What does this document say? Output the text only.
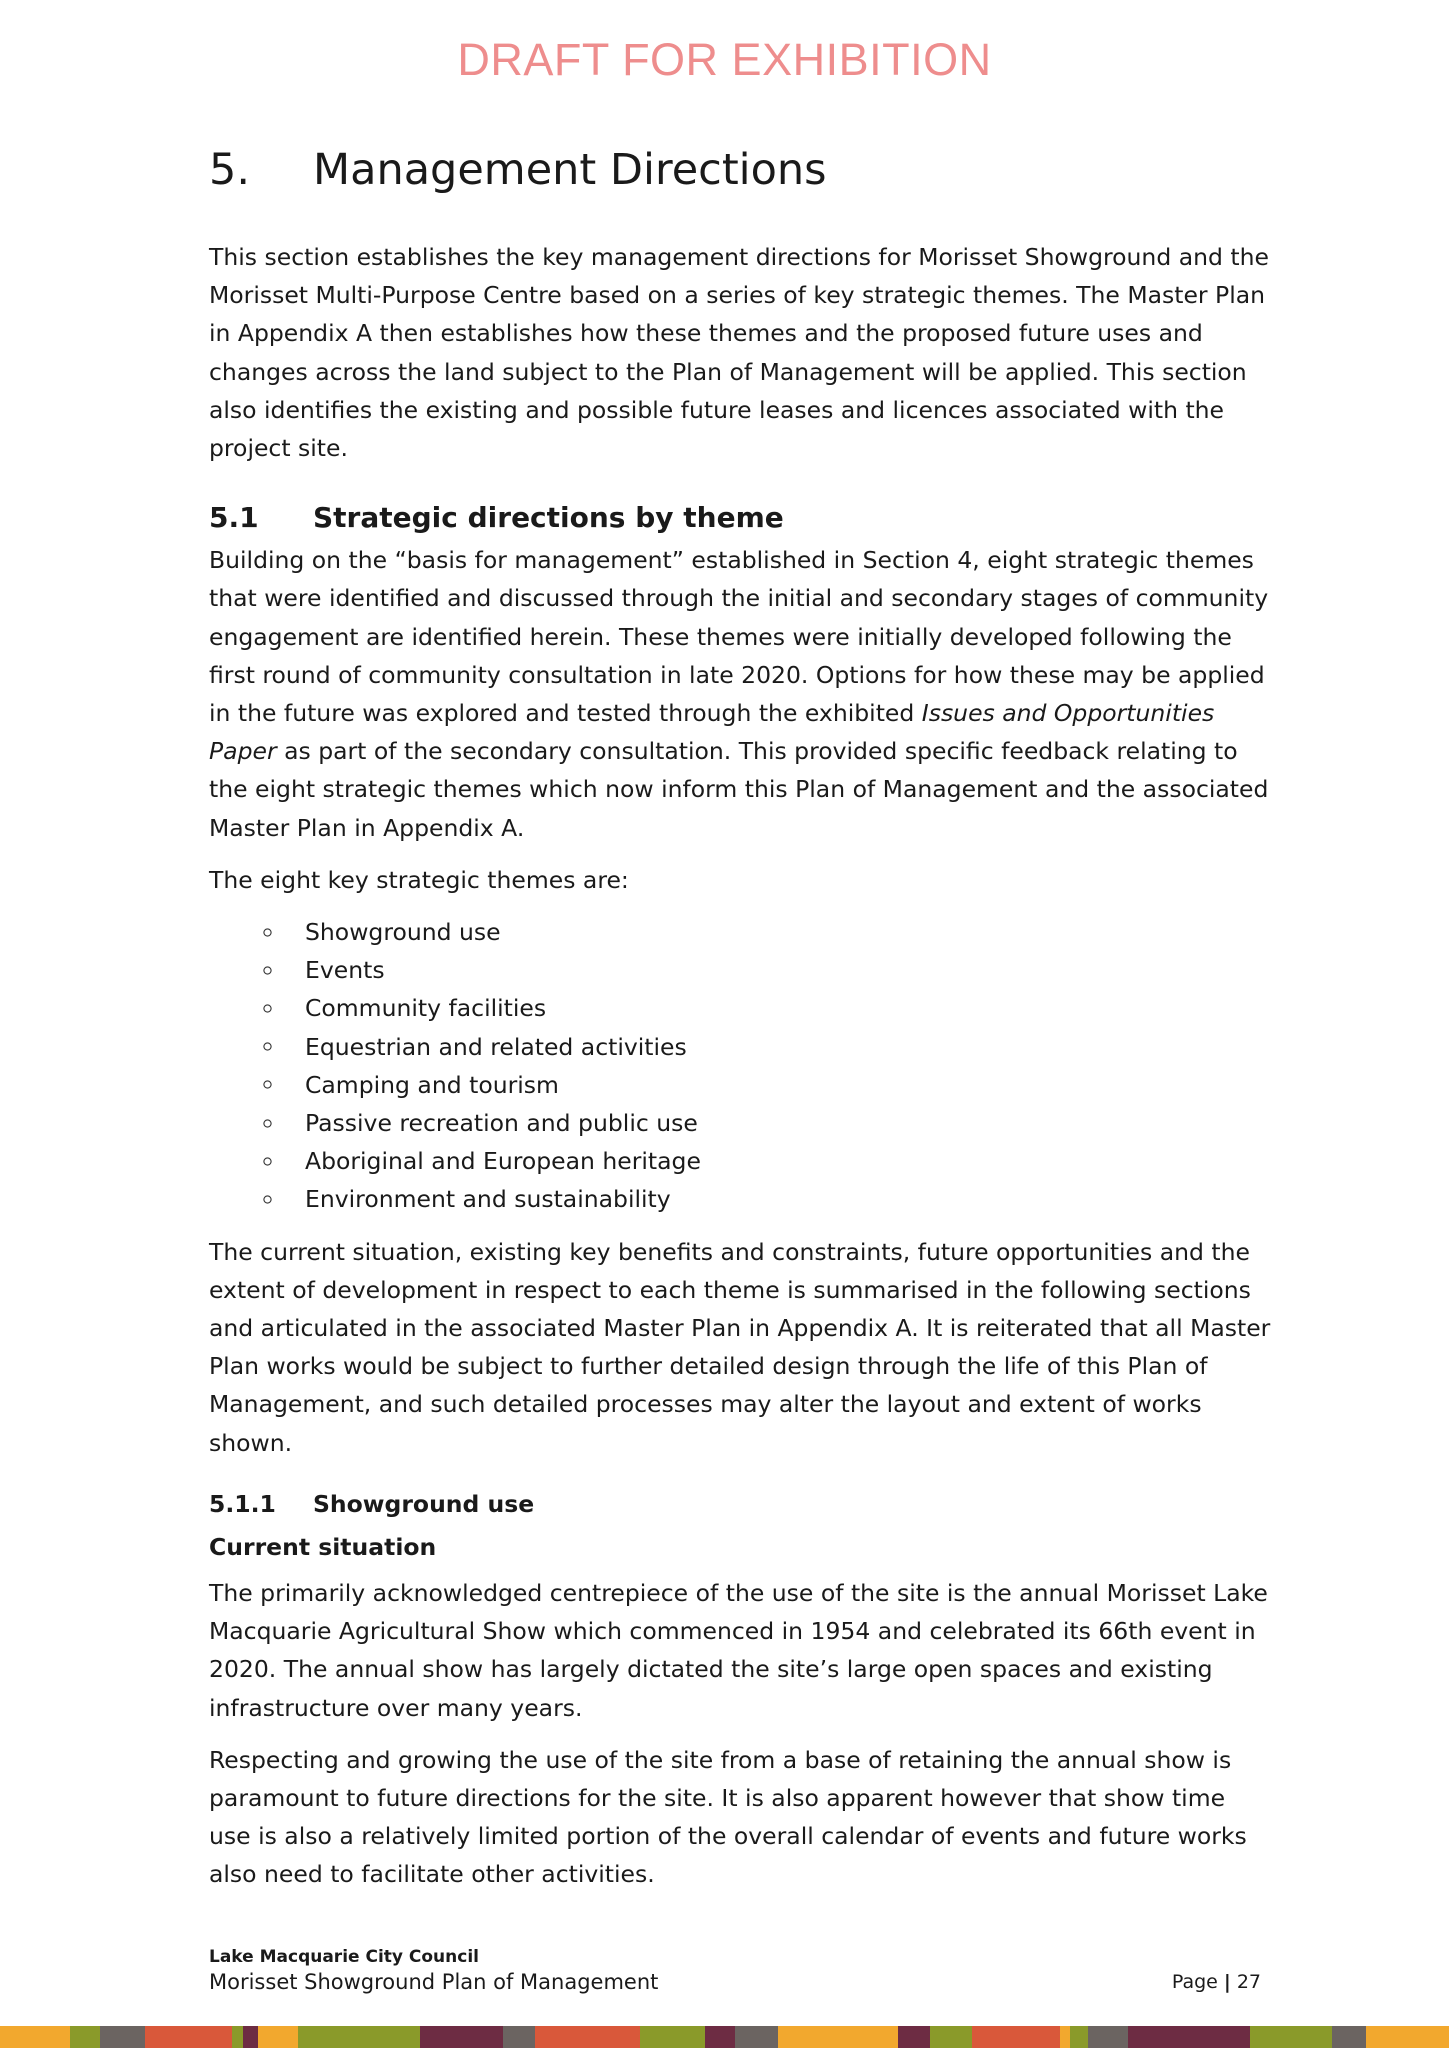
DRAFT FOR EXHIBITION
5.	Management Directions

This section establishes the key management directions for Morisset Showground and the Morisset Multi-Purpose Centre based on a series of key strategic themes. The Master Plan in Appendix A then establishes how these themes and the proposed future uses and changes across the land subject to the Plan of Management will be applied. This section also identifies the existing and possible future leases and licences associated with the project site.

5.1	Strategic directions by theme

Building on the “basis for management” established in Section 4, eight strategic themes that were identified and discussed through the initial and secondary stages of community engagement are identified herein. These themes were initially developed following the first round of community consultation in late 2020. Options for how these may be applied in the future was explored and tested through the exhibited Issues and Opportunities Paper as part of the secondary consultation. This provided specific feedback relating to the eight strategic themes which now inform this Plan of Management and the associated Master Plan in Appendix A.

The eight key strategic themes are:

Showground use
Events
Community facilities
Equestrian and related activities
Camping and tourism
Passive recreation and public use
Aboriginal and European heritage
Environment and sustainability

The current situation, existing key benefits and constraints, future opportunities and the extent of development in respect to each theme is summarised in the following sections and articulated in the associated Master Plan in Appendix A. It is reiterated that all Master Plan works would be subject to further detailed design through the life of this Plan of Management, and such detailed processes may alter the layout and extent of works shown.

5.1.1	Showground use
Current situation

The primarily acknowledged centrepiece of the use of the site is the annual Morisset Lake Macquarie Agricultural Show which commenced in 1954 and celebrated its 66th event in 2020. The annual show has largely dictated the site’s large open spaces and existing infrastructure over many years.

Respecting and growing the use of the site from a base of retaining the annual show is paramount to future directions for the site. It is also apparent however that show time use is also a relatively limited portion of the overall calendar of events and future works also need to facilitate other activities.

Lake Macquarie City Council
Morisset Showground Plan of Management	Page | 27
